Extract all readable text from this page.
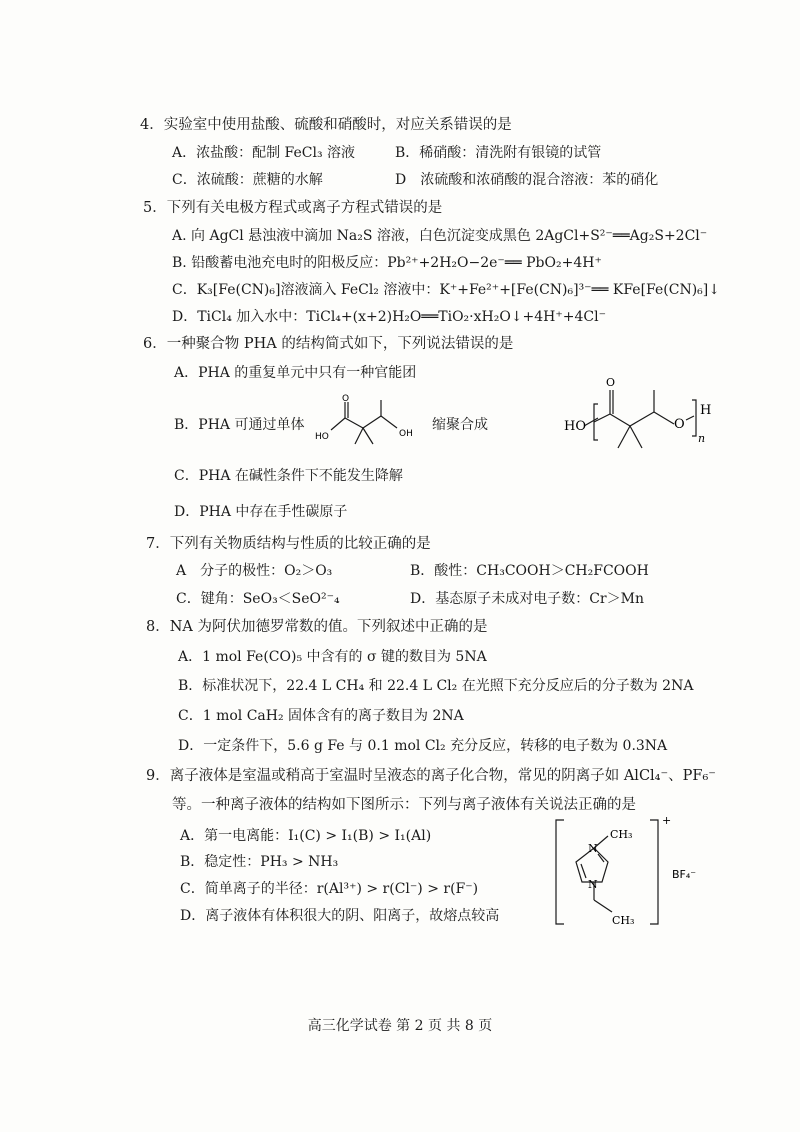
4．实验室中使用盐酸、硫酸和硝酸时，对应关系错误的是
A．浓盐酸：配制 FeCl₃ 溶液	B．稀硝酸：清洗附有银镜的试管
C．浓硫酸：蔗糖的水解	D　浓硫酸和浓硝酸的混合溶液：苯的硝化
5．下列有关电极方程式或离子方程式错误的是
A. 向 AgCl 悬浊液中滴加 Na₂S 溶液，白色沉淀变成黑色 2AgCl+S²⁻══Ag₂S+2Cl⁻
B. 铅酸蓄电池充电时的阳极反应：Pb²⁺+2H₂O−2e⁻══ PbO₂+4H⁺
C．K₃[Fe(CN)₆]溶液滴入 FeCl₂ 溶液中：K⁺+Fe²⁺+[Fe(CN)₆]³⁻══ KFe[Fe(CN)₆]↓
D．TiCl₄ 加入水中：TiCl₄+(x+2)H₂O══TiO₂·xH₂O↓+4H⁺+4Cl⁻
6．一种聚合物 PHA 的结构简式如下，下列说法错误的是
A．PHA 的重复单元中只有一种官能团
B．PHA 可通过单体
O
HO	OH
缩聚合成
O
HO	O
H
n
C．PHA 在碱性条件下不能发生降解
D．PHA 中存在手性碳原子
7．下列有关物质结构与性质的比较正确的是
A　分子的极性：O₂＞O₃	B．酸性：CH₃COOH＞CH₂FCOOH
C．键角：SeO₃＜SeO²⁻₄	D．基态原子未成对电子数：Cr＞Mn
8．NA 为阿伏加德罗常数的值。下列叙述中正确的是
A．1 mol Fe(CO)₅ 中含有的 σ 键的数目为 5NA
B．标准状况下，22.4 L CH₄ 和 22.4 L Cl₂ 在光照下充分反应后的分子数为 2NA
C．1 mol CaH₂ 固体含有的离子数目为 2NA
D．一定条件下，5.6 g Fe 与 0.1 mol Cl₂ 充分反应，转移的电子数为 0.3NA
9．离子液体是室温或稍高于室温时呈液态的离子化合物，常见的阴离子如 AlCl₄⁻、PF₆⁻
等。一种离子液体的结构如下图所示：下列与离子液体有关说法正确的是
A．第一电离能：I₁(C) > I₁(B) > I₁(Al)
B．稳定性：PH₃ > NH₃
C．简单离子的半径：r(Al³⁺) > r(Cl⁻) > r(F⁻)
D．离子液体有体积很大的阴、阳离子，故熔点较高
N
N
CH₃
CH₃
+
BF₄⁻
高三化学试卷 第 2 页 共 8 页
